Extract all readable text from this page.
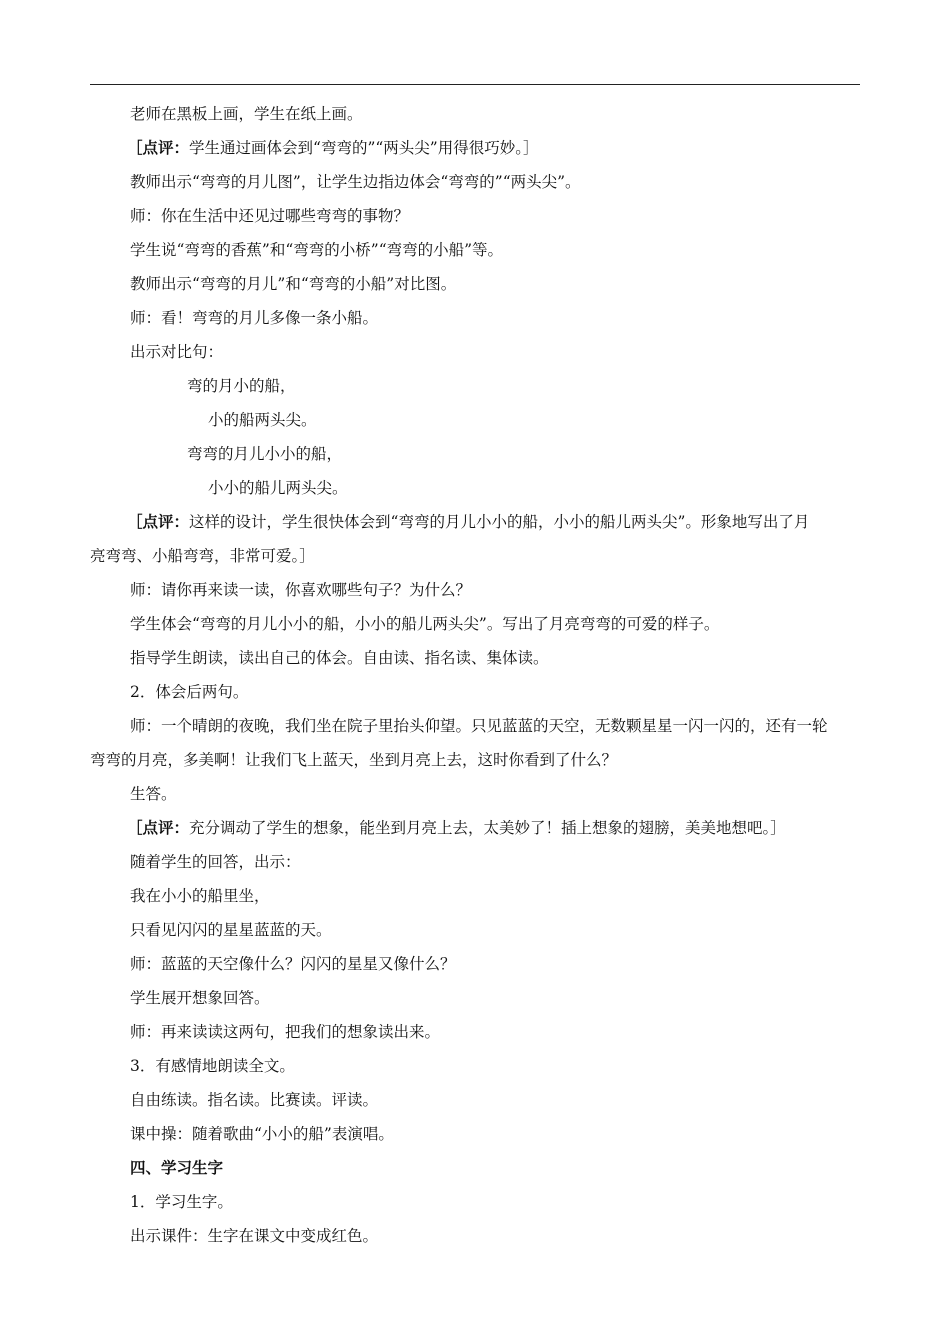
老师在黑板上画，学生在纸上画。

［点评：学生通过画体会到“弯弯的”“两头尖”用得很巧妙。］

教师出示“弯弯的月儿图”，让学生边指边体会“弯弯的”“两头尖”。

师：你在生活中还见过哪些弯弯的事物？

学生说“弯弯的香蕉”和“弯弯的小桥”“弯弯的小船”等。

教师出示“弯弯的月儿”和“弯弯的小船”对比图。

师：看！弯弯的月儿多像一条小船。

出示对比句：

弯的月小的船，

小的船两头尖。

弯弯的月儿小小的船，

小小的船儿两头尖。

［点评：这样的设计，学生很快体会到“弯弯的月儿小小的船，小小的船儿两头尖”。形象地写出了月

亮弯弯、小船弯弯，非常可爱。］

师：请你再来读一读，你喜欢哪些句子？为什么？

学生体会“弯弯的月儿小小的船，小小的船儿两头尖”。写出了月亮弯弯的可爱的样子。

指导学生朗读，读出自己的体会。自由读、指名读、集体读。

2．体会后两句。

师：一个晴朗的夜晚，我们坐在院子里抬头仰望。只见蓝蓝的天空，无数颗星星一闪一闪的，还有一轮

弯弯的月亮，多美啊！让我们飞上蓝天，坐到月亮上去，这时你看到了什么？

生答。

［点评：充分调动了学生的想象，能坐到月亮上去，太美妙了！插上想象的翅膀，美美地想吧。］

随着学生的回答，出示：

我在小小的船里坐，

只看见闪闪的星星蓝蓝的天。

师：蓝蓝的天空像什么？闪闪的星星又像什么？

学生展开想象回答。

师：再来读读这两句，把我们的想象读出来。

3．有感情地朗读全文。

自由练读。指名读。比赛读。评读。

课中操：随着歌曲“小小的船”表演唱。

四、学习生字

1．学习生字。

出示课件：生字在课文中变成红色。
